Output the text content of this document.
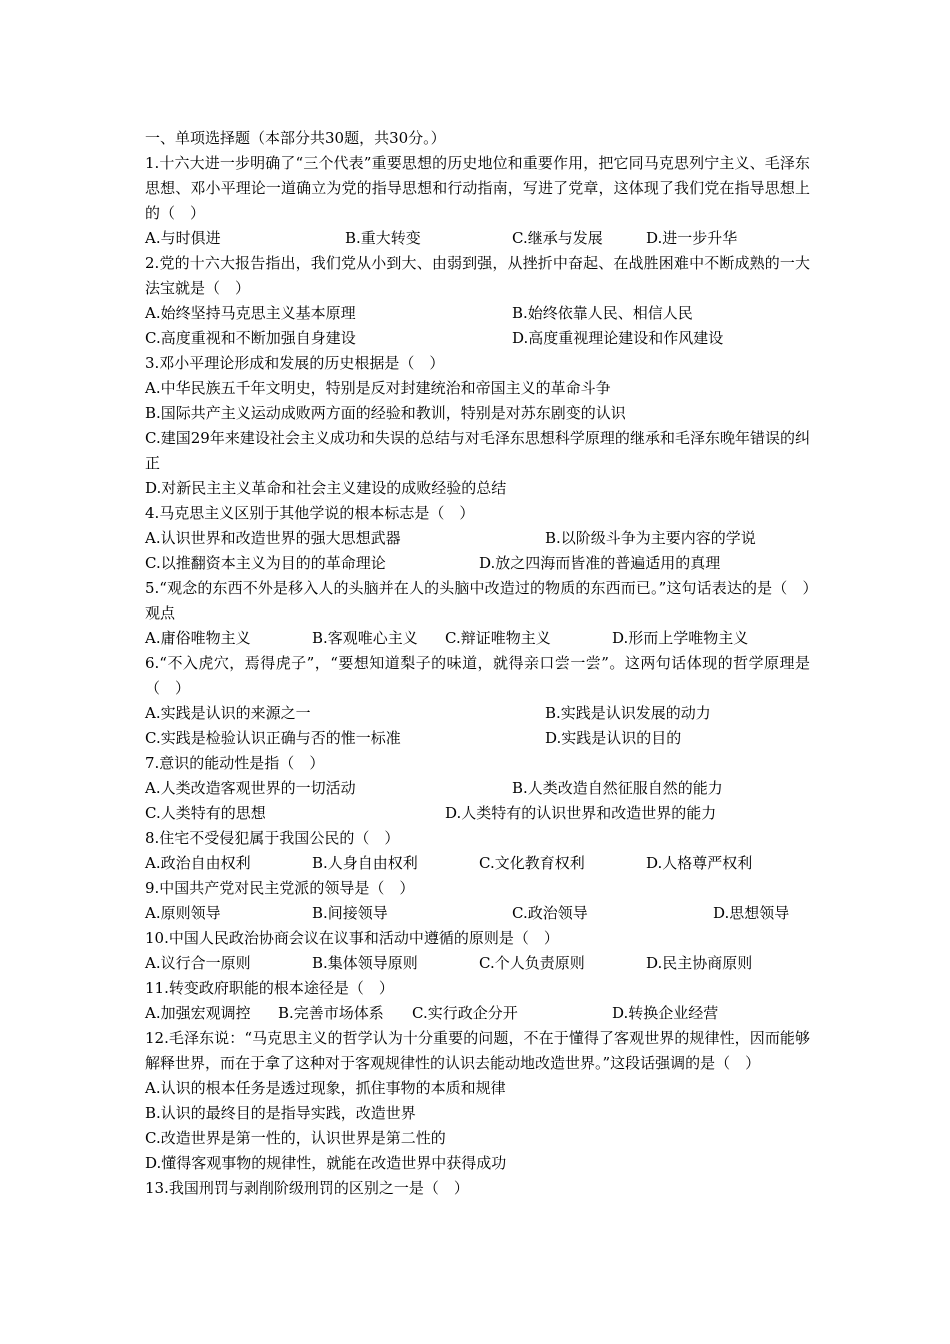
一、单项选择题（本部分共30题，共30分。）
1.十六大进一步明确了“三个代表”重要思想的历史地位和重要作用，把它同马克思列宁主义、毛泽东思想、邓小平理论一道确立为党的指导思想和行动指南，写进了党章，这体现了我们党在指导思想上的（　）
A.与时俱进	B.重大转变	C.继承与发展	D.进一步升华
2.党的十六大报告指出，我们党从小到大、由弱到强，从挫折中奋起、在战胜困难中不断成熟的一大法宝就是（　）
A.始终坚持马克思主义基本原理	B.始终依靠人民、相信人民
C.高度重视和不断加强自身建设	D.高度重视理论建设和作风建设
3.邓小平理论形成和发展的历史根据是（　）
A.中华民族五千年文明史，特别是反对封建统治和帝国主义的革命斗争
B.国际共产主义运动成败两方面的经验和教训，特别是对苏东剧变的认识
C.建国29年来建设社会主义成功和失误的总结与对毛泽东思想科学原理的继承和毛泽东晚年错误的纠正
D.对新民主主义革命和社会主义建设的成败经验的总结
4.马克思主义区别于其他学说的根本标志是（　）
A.认识世界和改造世界的强大思想武器	B.以阶级斗争为主要内容的学说
C.以推翻资本主义为目的的革命理论	D.放之四海而皆准的普遍适用的真理
5.“观念的东西不外是移入人的头脑并在人的头脑中改造过的物质的东西而已。”这句话表达的是（　）观点
A.庸俗唯物主义	B.客观唯心主义 C.辩证唯物主义	D.形而上学唯物主义
6.“不入虎穴，焉得虎子”，“要想知道梨子的味道，就得亲口尝一尝”。这两句话体现的哲学原理是（　）
A.实践是认识的来源之一	B.实践是认识发展的动力
C.实践是检验认识正确与否的惟一标准	D.实践是认识的目的
7.意识的能动性是指（　）
A.人类改造客观世界的一切活动	B.人类改造自然征服自然的能力
C.人类特有的思想	D.人类特有的认识世界和改造世界的能力
8.住宅不受侵犯属于我国公民的（　）
A.政治自由权利	B.人身自由权利	C.文化教育权利	D.人格尊严权利
9.中国共产党对民主党派的领导是（　）
A.原则领导	B.间接领导	C.政治领导	D.思想领导
10.中国人民政治协商会议在议事和活动中遵循的原则是（　）
A.议行合一原则	B.集体领导原则	C.个人负责原则	D.民主协商原则
11.转变政府职能的根本途径是（　）
A.加强宏观调控 B.完善市场体系 C.实行政企分开	D.转换企业经营
12.毛泽东说：“马克思主义的哲学认为十分重要的问题，不在于懂得了客观世界的规律性，因而能够解释世界，而在于拿了这种对于客观规律性的认识去能动地改造世界。”这段话强调的是（　）
A.认识的根本任务是透过现象，抓住事物的本质和规律
B.认识的最终目的是指导实践，改造世界
C.改造世界是第一性的，认识世界是第二性的
D.懂得客观事物的规律性，就能在改造世界中获得成功
13.我国刑罚与剥削阶级刑罚的区别之一是（　）
